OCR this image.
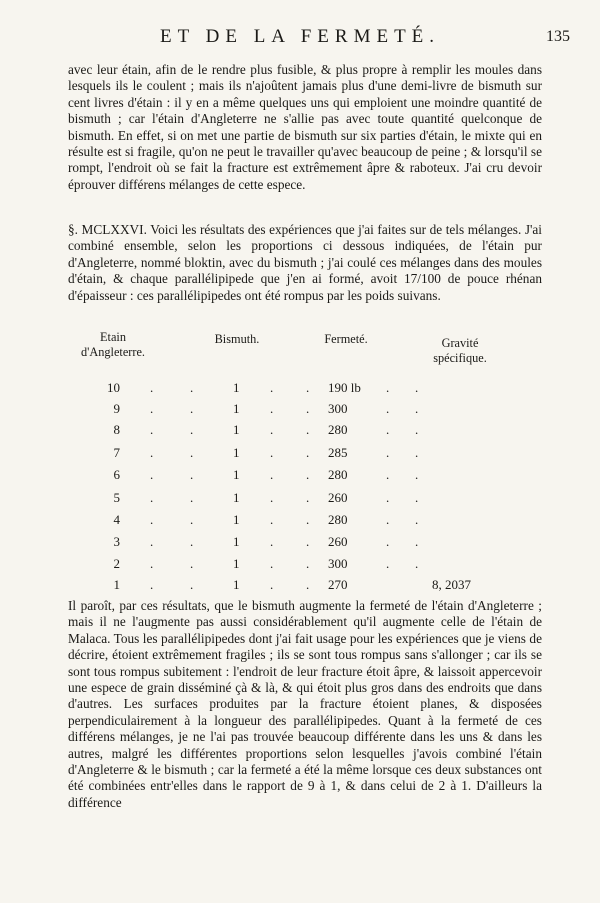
ET DE LA FERMETÉ.	135

avec leur étain, afin de le rendre plus fusible, & plus propre à remplir les moules dans lesquels ils le coulent ; mais ils n'ajoûtent jamais plus d'une demi-livre de bismuth sur cent livres d'étain : il y en a même quelques uns qui emploient une moindre quantité de bismuth ; car l'étain d'Angleterre ne s'allie pas avec toute quantité quelconque de bismuth. En effet, si on met une partie de bismuth sur six parties d'étain, le mixte qui en résulte est si fragile, qu'on ne peut le travailler qu'avec beaucoup de peine ; & lorsqu'il se rompt, l'endroit où se fait la fracture est extrêmement âpre & raboteux. J'ai cru devoir éprouver différens mélanges de cette espece.

§. MCLXXVI. Voici les résultats des expériences que j'ai faites sur de tels mélanges. J'ai combiné ensemble, selon les proportions ci dessous indiquées, de l'étain pur d'Angleterre, nommé bloktin, avec du bismuth ; j'ai coulé ces mélanges dans des moules d'étain, & chaque parallélipipede que j'en ai formé, avoit 17/100 de pouce rhénan d'épaisseur : ces parallélipipedes ont été rompus par les poids suivans.

Etain d'Angleterre.
Bismuth.	Fermeté.	Gravité spécifique.
10 .	.	1 .	. 190 lb . .
9 .	.	1 .	. 300	. .
8 .	.	1 .	. 280	. .
7 .	.	1 .	. 285	. .
6 .	.	1 .	. 280	. .
5 .	.	1 .	. 260	. .
4 .	.	1 .	. 280	. .
3 .	.	1 .	. 260	. .
2 .	.	1 .	. 300	. .
1 .	.	1 .	. 270	8, 2037

Il paroît, par ces résultats, que le bismuth augmente la fermeté de l'étain d'Angleterre ; mais il ne l'augmente pas aussi considérablement qu'il augmente celle de l'étain de Malaca. Tous les parallélipipedes dont j'ai fait usage pour les expériences que je viens de décrire, étoient extrêmement fragiles ; ils se sont tous rompus sans s'allonger ; car ils se sont tous rompus subitement : l'endroit de leur fracture étoit âpre, & laissoit appercevoir une espece de grain disséminé çà & là, & qui étoit plus gros dans des endroits que dans d'autres. Les surfaces produites par la fracture étoient planes, & disposées perpendiculairement à la longueur des parallélipipedes. Quant à la fermeté de ces différens mélanges, je ne l'ai pas trouvée beaucoup différente dans les uns & dans les autres, malgré les différentes proportions selon lesquelles j'avois combiné l'étain d'Angleterre & le bismuth ; car la fermeté a été la même lorsque ces deux substances ont été combinées entr'elles dans le rapport de 9 à 1, & dans celui de 2 à 1. D'ailleurs la différence
